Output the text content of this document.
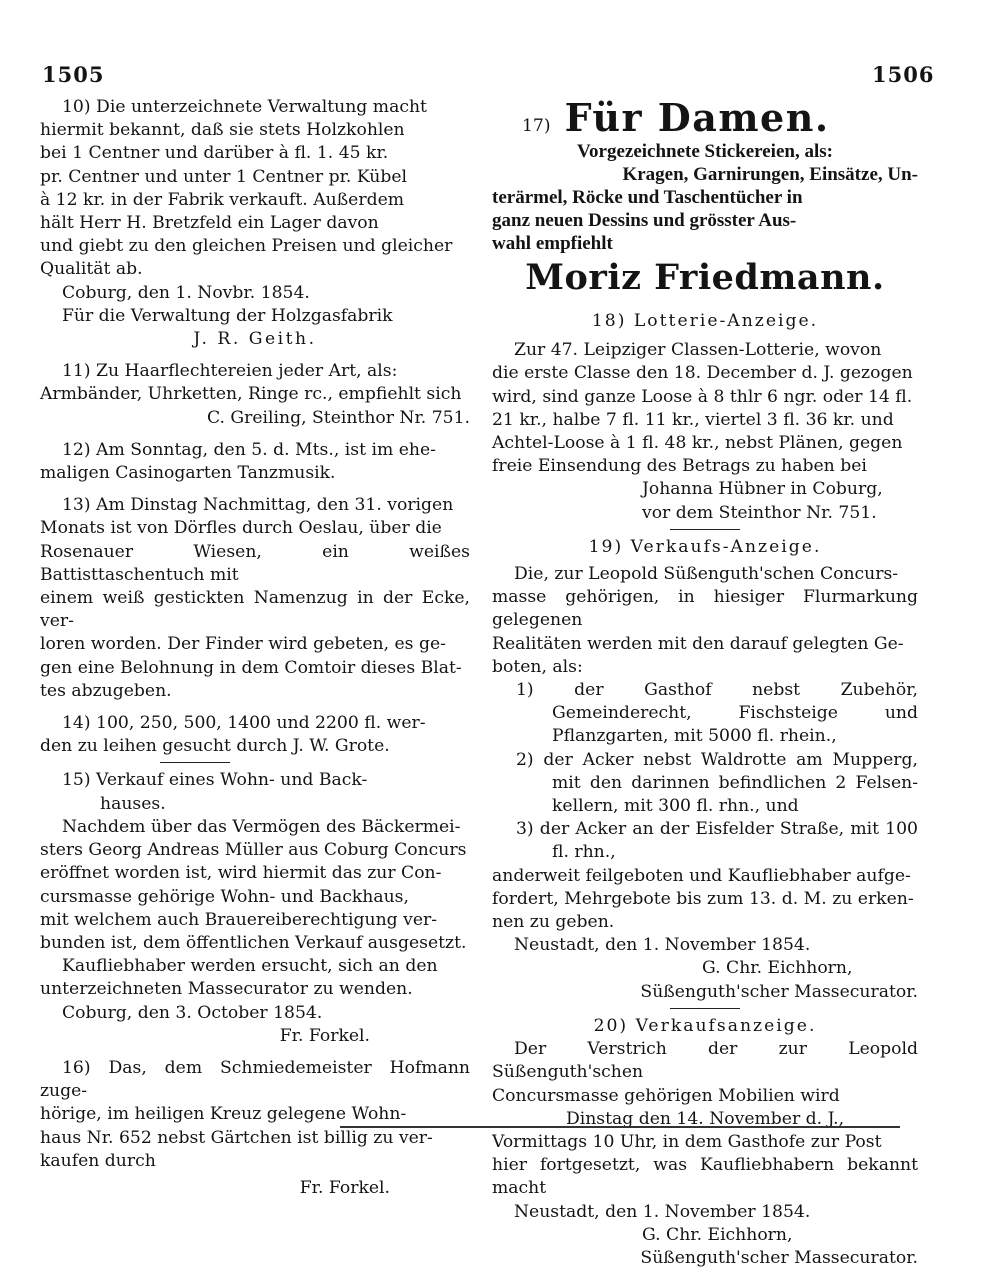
1505	1506

10) Die unterzeichnete Verwaltung macht

hiermit bekannt, daß sie stets Holzkohlen

bei 1 Centner und darüber à fl. 1. 45 kr.

pr. Centner und unter 1 Centner pr. Kübel

à 12 kr. in der Fabrik verkauft. Außerdem

hält Herr H. Bretzfeld ein Lager davon

und giebt zu den gleichen Preisen und gleicher

Qualität ab.

Coburg, den 1. Novbr. 1854.

Für die Verwaltung der Holzgasfabrik

J. R. Geith.

11) Zu Haarflechtereien jeder Art, als:

Armbänder, Uhrketten, Ringe rc., empfiehlt sich

C. Greiling, Steinthor Nr. 751.

12) Am Sonntag, den 5. d. Mts., ist im ehe-

maligen Casinogarten Tanzmusik.

13) Am Dinstag Nachmittag, den 31. vorigen

Monats ist von Dörfles durch Oeslau, über die

Rosenauer Wiesen, ein weißes Battisttaschentuch mit

einem weiß gestickten Namenzug in der Ecke, ver-

loren worden. Der Finder wird gebeten, es ge-

gen eine Belohnung in dem Comtoir dieses Blat-

tes abzugeben.

14) 100, 250, 500, 1400 und 2200 fl. wer-

den zu leihen gesucht durch J. W. Grote.

15) Verkauf eines Wohn- und Back-

hauses.

Nachdem über das Vermögen des Bäckermei-

sters Georg Andreas Müller aus Coburg Concurs

eröffnet worden ist, wird hiermit das zur Con-

cursmasse gehörige Wohn- und Backhaus,

mit welchem auch Brauereiberechtigung ver-

bunden ist, dem öffentlichen Verkauf ausgesetzt.

Kaufliebhaber werden ersucht, sich an den

unterzeichneten Massecurator zu wenden.

Coburg, den 3. October 1854.

Fr. Forkel.

16) Das, dem Schmiedemeister Hofmann zuge-

hörige, im heiligen Kreuz gelegene Wohn-

haus Nr. 652 nebst Gärtchen ist billig zu ver-

kaufen durch

Fr. Forkel.

17) Für Damen.

Vorgezeichnete Stickereien, als:

Kragen, Garnirungen, Einsätze, Un-

terärmel, Röcke und Taschentücher in

ganz neuen Dessins und grösster Aus-

wahl empfiehlt

Moriz Friedmann.

18) Lotterie-Anzeige.

Zur 47. Leipziger Classen-Lotterie, wovon

die erste Classe den 18. December d. J. gezogen

wird, sind ganze Loose à 8 thlr 6 ngr. oder 14 fl.

21 kr., halbe 7 fl. 11 kr., viertel 3 fl. 36 kr. und

Achtel-Loose à 1 fl. 48 kr., nebst Plänen, gegen

freie Einsendung des Betrags zu haben bei

Johanna Hübner in Coburg,

vor dem Steinthor Nr. 751.

19) Verkaufs-Anzeige.

Die, zur Leopold Süßenguth'schen Concurs-

masse gehörigen, in hiesiger Flurmarkung gelegenen

Realitäten werden mit den darauf gelegten Ge-

boten, als:

1) der Gasthof nebst Zubehör, Gemeinderecht, Fischsteige und Pflanzgarten, mit 5000 fl. rhein.,

2) der Acker nebst Waldrotte am Mupperg, mit den darinnen befindlichen 2 Felsen-kellern, mit 300 fl. rhn., und

3) der Acker an der Eisfelder Straße, mit 100 fl. rhn.,

anderweit feilgeboten und Kaufliebhaber aufge-

fordert, Mehrgebote bis zum 13. d. M. zu erken-

nen zu geben.

Neustadt, den 1. November 1854.

G. Chr. Eichhorn,

Süßenguth'scher Massecurator.

20) Verkaufsanzeige.

Der Verstrich der zur Leopold Süßenguth'schen

Concursmasse gehörigen Mobilien wird

Dinstag den 14. November d. J.,

Vormittags 10 Uhr, in dem Gasthofe zur Post

hier fortgesetzt, was Kaufliebhabern bekannt macht

Neustadt, den 1. November 1854.

G. Chr. Eichhorn,

Süßenguth'scher Massecurator.
